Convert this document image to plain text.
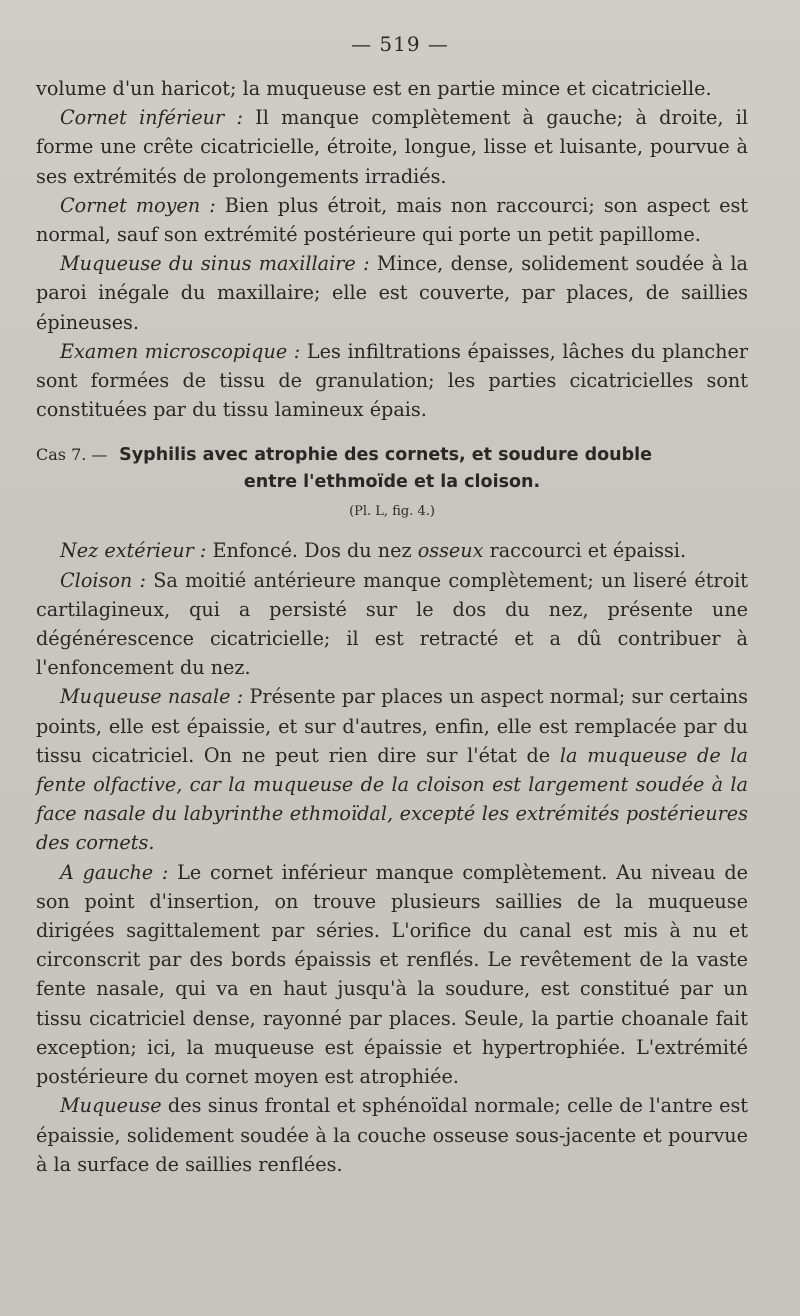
— 519 —

volume d'un haricot; la muqueuse est en partie mince et cicatricielle.

Cornet inférieur : Il manque complètement à gauche; à droite, il forme une crête cicatricielle, étroite, longue, lisse et luisante, pourvue à ses extrémités de prolongements irradiés.

Cornet moyen : Bien plus étroit, mais non raccourci; son aspect est normal, sauf son extrémité postérieure qui porte un petit papillome.

Muqueuse du sinus maxillaire : Mince, dense, solidement soudée à la paroi inégale du maxillaire; elle est couverte, par places, de saillies épineuses.

Examen microscopique : Les infiltrations épaisses, lâches du plancher sont formées de tissu de granulation; les parties cicatricielles sont constituées par du tissu lamineux épais.

Cas 7. — Syphilis avec atrophie des cornets, et soudure double
entre l'ethmoïde et la cloison.
(Pl. L, fig. 4.)

Nez extérieur : Enfoncé. Dos du nez osseux raccourci et épaissi.

Cloison : Sa moitié antérieure manque complètement; un liseré étroit cartilagineux, qui a persisté sur le dos du nez, présente une dégénérescence cicatricielle; il est retracté et a dû contribuer à l'enfoncement du nez.

Muqueuse nasale : Présente par places un aspect normal; sur certains points, elle est épaissie, et sur d'autres, enfin, elle est remplacée par du tissu cicatriciel. On ne peut rien dire sur l'état de la muqueuse de la fente olfactive, car la muqueuse de la cloison est largement soudée à la face nasale du labyrinthe ethmoïdal, excepté les extrémités postérieures des cornets.

A gauche : Le cornet inférieur manque complètement. Au niveau de son point d'insertion, on trouve plusieurs saillies de la muqueuse dirigées sagittalement par séries. L'orifice du canal est mis à nu et circonscrit par des bords épaissis et renflés. Le revêtement de la vaste fente nasale, qui va en haut jusqu'à la soudure, est constitué par un tissu cicatriciel dense, rayonné par places. Seule, la partie choanale fait exception; ici, la muqueuse est épaissie et hypertrophiée. L'extrémité postérieure du cornet moyen est atrophiée.

Muqueuse des sinus frontal et sphénoïdal normale; celle de l'antre est épaissie, solidement soudée à la couche osseuse sous-jacente et pourvue à la surface de saillies renflées.
